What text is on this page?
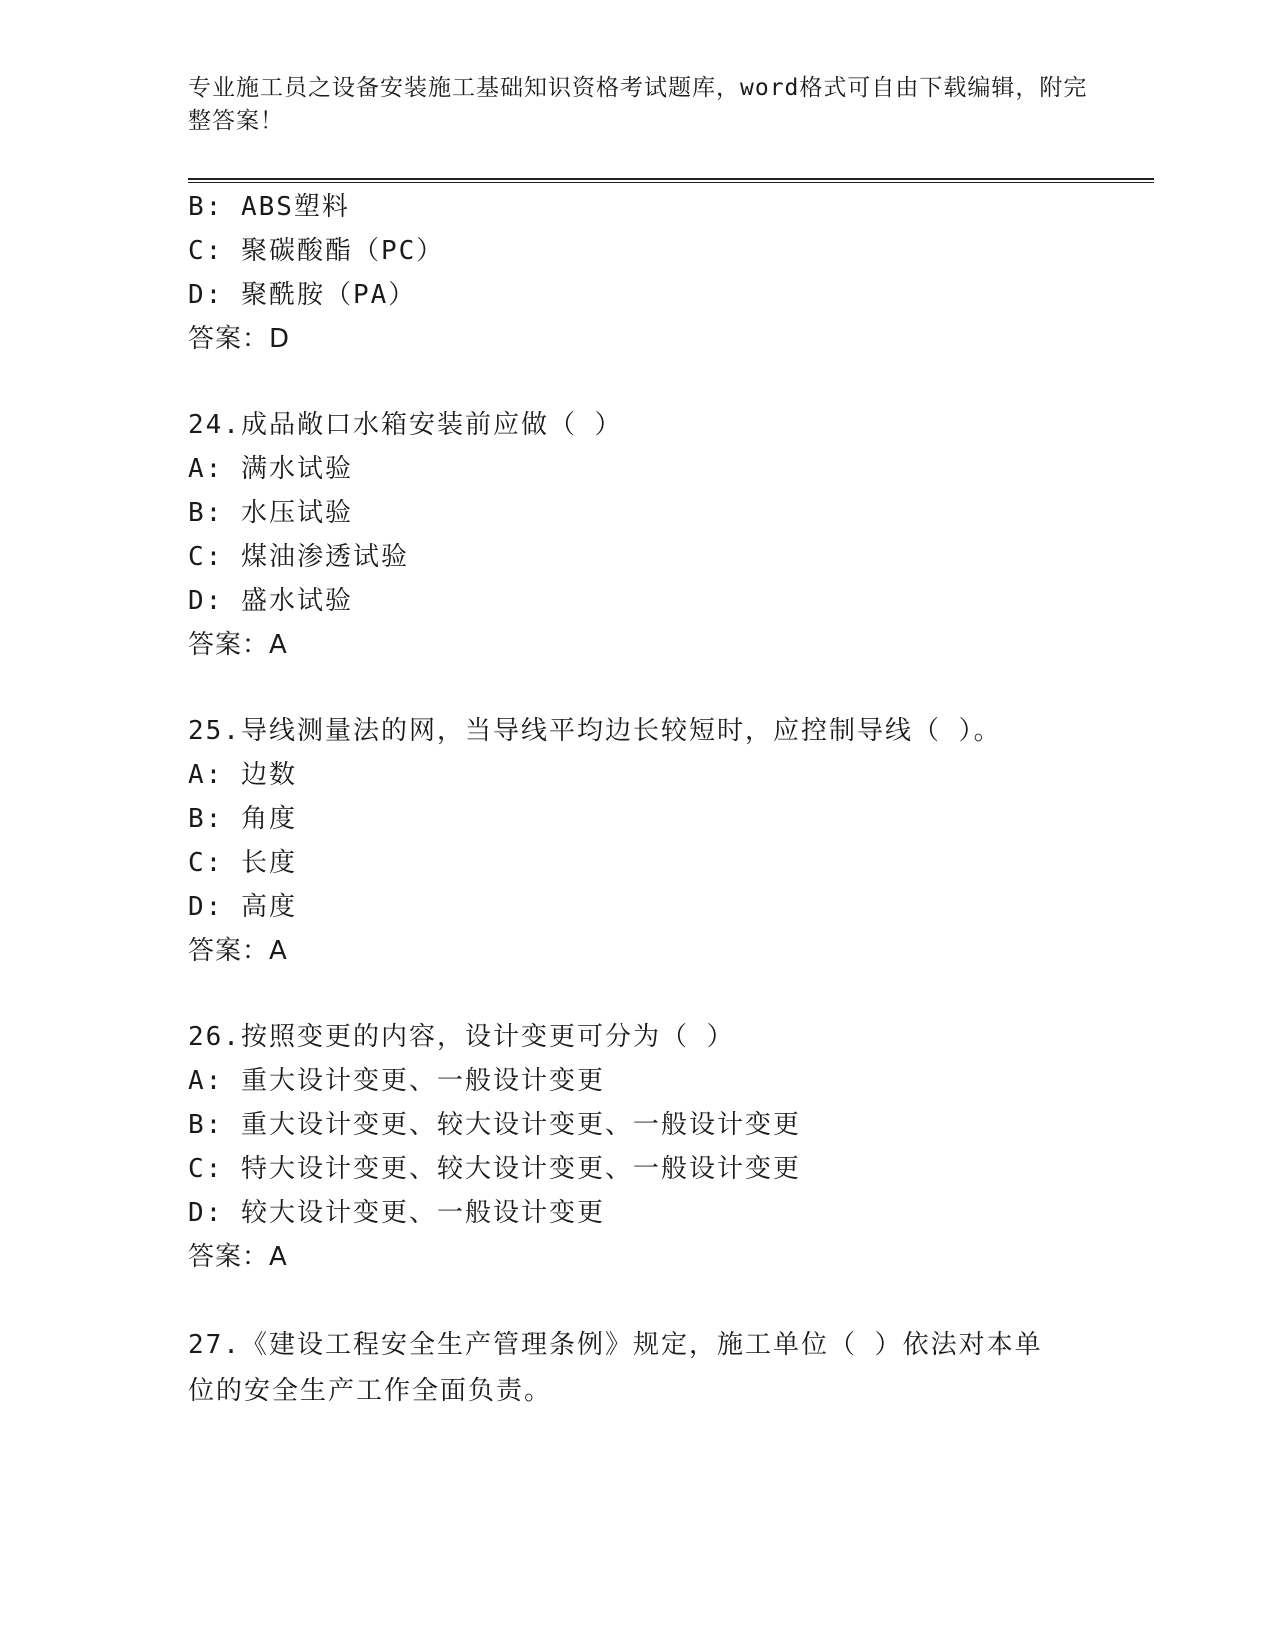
专业施工员之设备安装施工基础知识资格考试题库，word格式可自由下载编辑，附完整答案！
B: ABS塑料
C: 聚碳酸酯（PC）
D: 聚酰胺（PA）
答案：D
24.成品敞口水箱安装前应做（ ）
A: 满水试验
B: 水压试验
C: 煤油渗透试验
D: 盛水试验
答案：A
25.导线测量法的网，当导线平均边长较短时，应控制导线（ ）。
A: 边数
B: 角度
C: 长度
D: 高度
答案：A
26.按照变更的内容，设计变更可分为（ ）
A: 重大设计变更、一般设计变更
B: 重大设计变更、较大设计变更、一般设计变更
C: 特大设计变更、较大设计变更、一般设计变更
D: 较大设计变更、一般设计变更
答案：A
27.《建设工程安全生产管理条例》规定，施工单位（ ）依法对本单位的安全生产工作全面负责。
